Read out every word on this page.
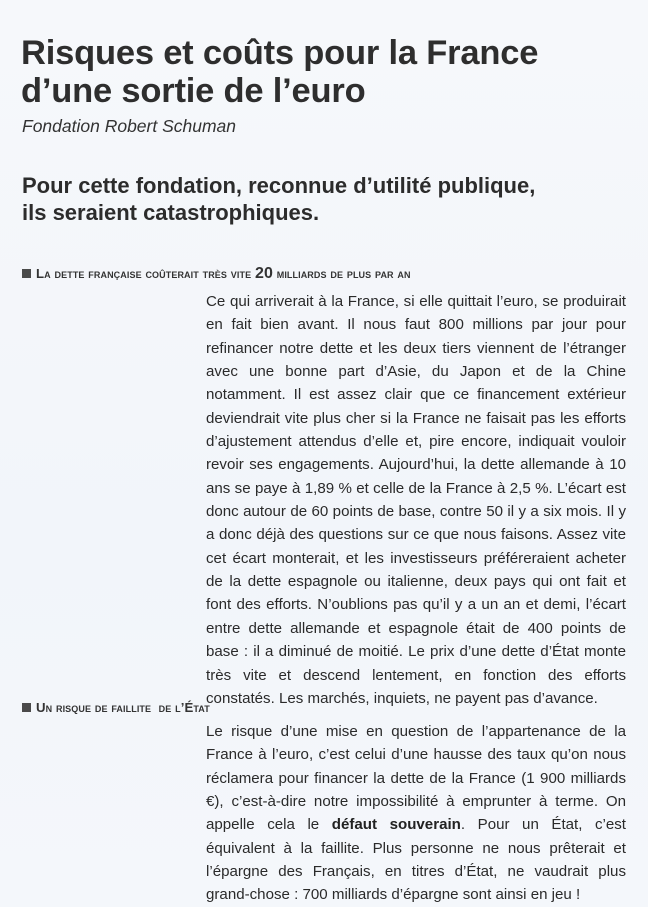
Risques et coûts pour la France
d’une sortie de l’euro
Fondation Robert Schuman
Pour cette fondation, reconnue d’utilité publique,
ils seraient catastrophiques.
La dette française coûterait très vite 20 milliards de plus par an

Ce qui arriverait à la France, si elle quittait l’euro, se produirait en fait bien avant. Il nous faut 800 millions par jour pour refinancer notre dette et les deux tiers viennent de l’étranger avec une bonne part d’Asie, du Japon et de la Chine notamment. Il est assez clair que ce financement extérieur deviendrait vite plus cher si la France ne faisait pas les efforts d’ajustement attendus d’elle et, pire encore, indiquait vouloir revoir ses engagements. Aujourd’hui, la dette allemande à 10 ans se paye à 1,89 % et celle de la France à 2,5 %. L’écart est donc autour de 60 points de base, contre 50 il y a six mois. Il y a donc déjà des questions sur ce que nous faisons. Assez vite cet écart monterait, et les investisseurs préféreraient acheter de la dette espagnole ou italienne, deux pays qui ont fait et font des efforts. N’oublions pas qu’il y a un an et demi, l’écart entre dette allemande et espagnole était de 400 points de base : il a diminué de moitié. Le prix d’une dette d’État monte très vite et descend lentement, en fonction des efforts constatés. Les marchés, inquiets, ne payent pas d’avance.

Un risque de faillite  de l’État

Le risque d’une mise en question de l’appartenance de la France à l’euro, c’est celui d’une hausse des taux qu’on nous réclamera pour financer la dette de la France (1 900 milliards €), c’est-à-dire notre impossibilité à emprunter à terme. On appelle cela le défaut souverain. Pour un État, c’est équivalent à la faillite. Plus personne ne nous prêterait et l’épargne des Français, en titres d’État, ne vaudrait plus grand-chose : 700 milliards d’épargne sont ainsi en jeu !
